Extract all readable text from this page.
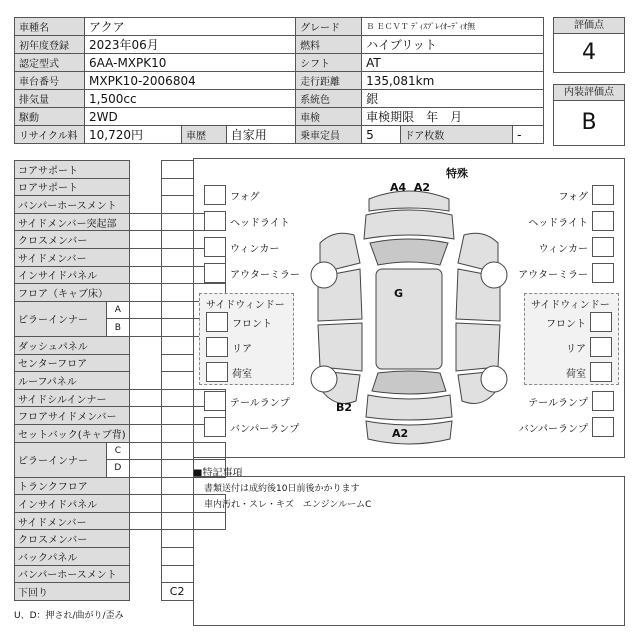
車種名	アクア			グレード	Ｂ ＥＣＶＴ ﾃﾞｨｽﾌﾟﾚｲｵｰﾃﾞｨｵ無		
初年度登録	2023年06月			燃料	ハイブリット		
認定型式	6AA-MXPK10			シフト	AT		
車台番号	MXPK10-2006804			走行距離	135,081km		
排気量	1,500cc			系統色	銀		
駆動	2WD			車検	車検期限　年　月		
リサイクル料	10,720円	車歴	自家用	乗車定員	5	ドア枚数	-
評価点
4
内装評価点
B
コアサポート				
ロアサポート				
バンパーホースメント				
サイドメンバー突起部				
クロスメンバー				
サイドメンバー				
インサイドパネル				
フロア（キャブ床）				
ピラーインナー	A			
	B			
ダッシュパネル				
センターフロア				
ルーフパネル				
サイドシルインナー				
フロアサイドメンバー				
セットバック(キャブ背)				
ピラーインナー	C			
	D			
トランクフロア				
インサイドパネル				
サイドメンバー				
クロスメンバー				
バックパネル				
バンパーホースメント				
下回り			C2	
U、D：押され/曲がり/歪み
特殊
フォグ
ヘッドライト
ウィンカー
アウターミラー
フォグ
ヘッドライト
ウィンカー
アウターミラー
サイドウィンドー
フロント
リア
荷室
サイドウィンドー
フロント
リア
荷室
テールランプ
バンパーランプ
テールランプ
バンパーランプ
A4  A2
G
B2
A2
■特記事項
書類送付は成約後10日前後かかります
車内汚れ・スレ・キズ　エンジンルームC
